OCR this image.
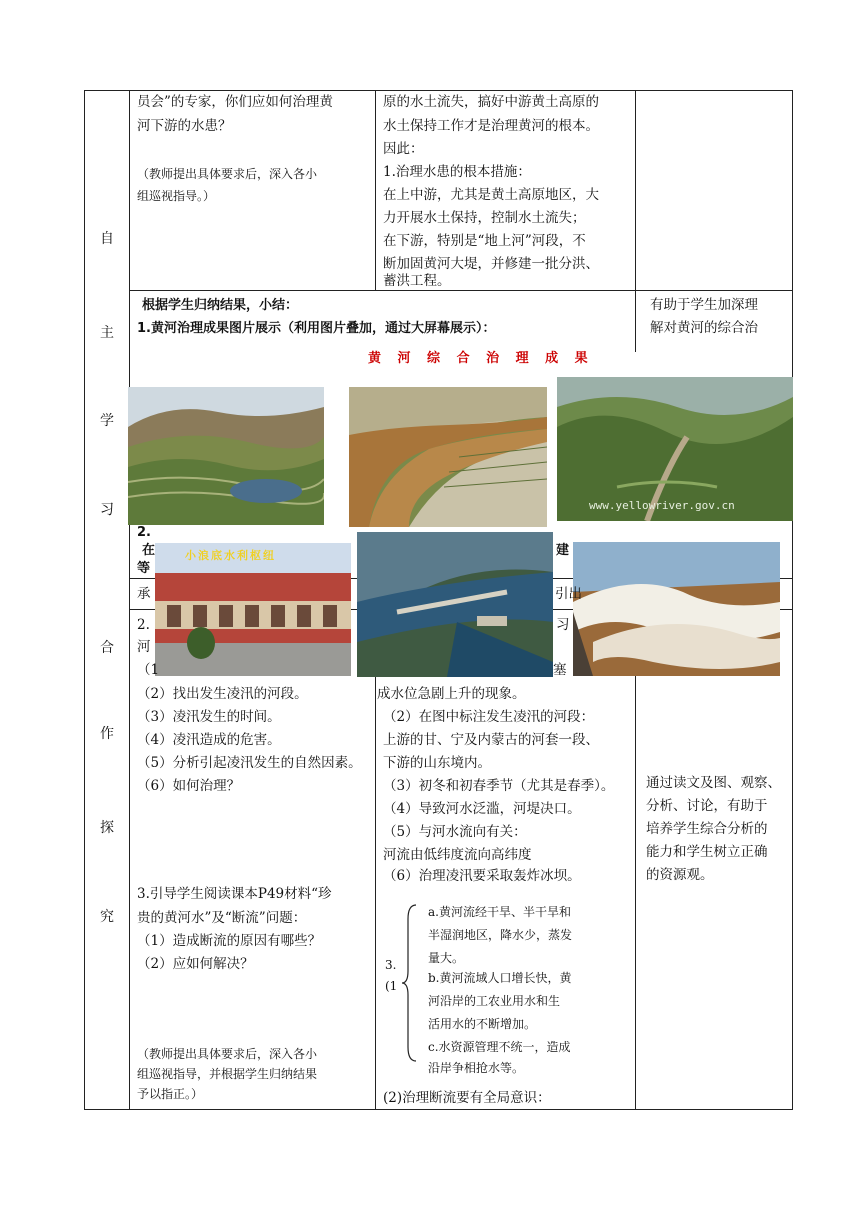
自
主
学
习
合
作
探
究
员会”的专家，你们应如何治理黄
河下游的水患？
（教师提出具体要求后，深入各小
组巡视指导。）
原的水土流失，搞好中游黄土高原的
水土保持工作才是治理黄河的根本。
因此：
1.治理水患的根本措施：
在上中游，尤其是黄土高原地区，大
力开展水土保持，控制水土流失；
在下游，特别是“地上河”河段，不
断加固黄河大堤，并修建一批分洪、
蓄洪工程。
根据学生归纳结果，小结：
1.黄河治理成果图片展示（利用图片叠加，通过大屏幕展示）：
黄 河 综 合 治 理 成 果
有助于学生加深理
解对黄河的综合治
2.
在	建
等
www.yellowriver.gov.cn
小浪底水利枢纽
承	引出
2.
河
（1
（2）找出发生凌汛的河段。
（3）凌汛发生的时间。
（4）凌汛造成的危害。
（5）分析引起凌汛发生的自然因素。
（6）如何治理？
3.引导学生阅读课本P49材料“珍
贵的黄河水”及“断流”问题：
（1）造成断流的原因有哪些？
（2）应如何解决？
（教师提出具体要求后，深入各小
组巡视指导，并根据学生归纳结果
予以指正。）
习
塞
成水位急剧上升的现象。
（2）在图中标注发生凌汛的河段：
上游的甘、宁及内蒙古的河套一段、
下游的山东境内。
（3）初冬和初春季节（尤其是春季）。
（4）导致河水泛滥，河堤决口。
（5）与河水流向有关：
河流由低纬度流向高纬度
（6）治理凌汛要采取轰炸冰坝。
3.
(1
a.黄河流经干旱、半干旱和
半湿润地区，降水少，蒸发
量大。
b.黄河流域人口增长快，黄
河沿岸的工农业用水和生
活用水的不断增加。
c.水资源管理不统一，造成
沿岸争相抢水等。
(2)治理断流要有全局意识：
通过读文及图、观察、
分析、讨论，有助于
培养学生综合分析的
能力和学生树立正确
的资源观。
